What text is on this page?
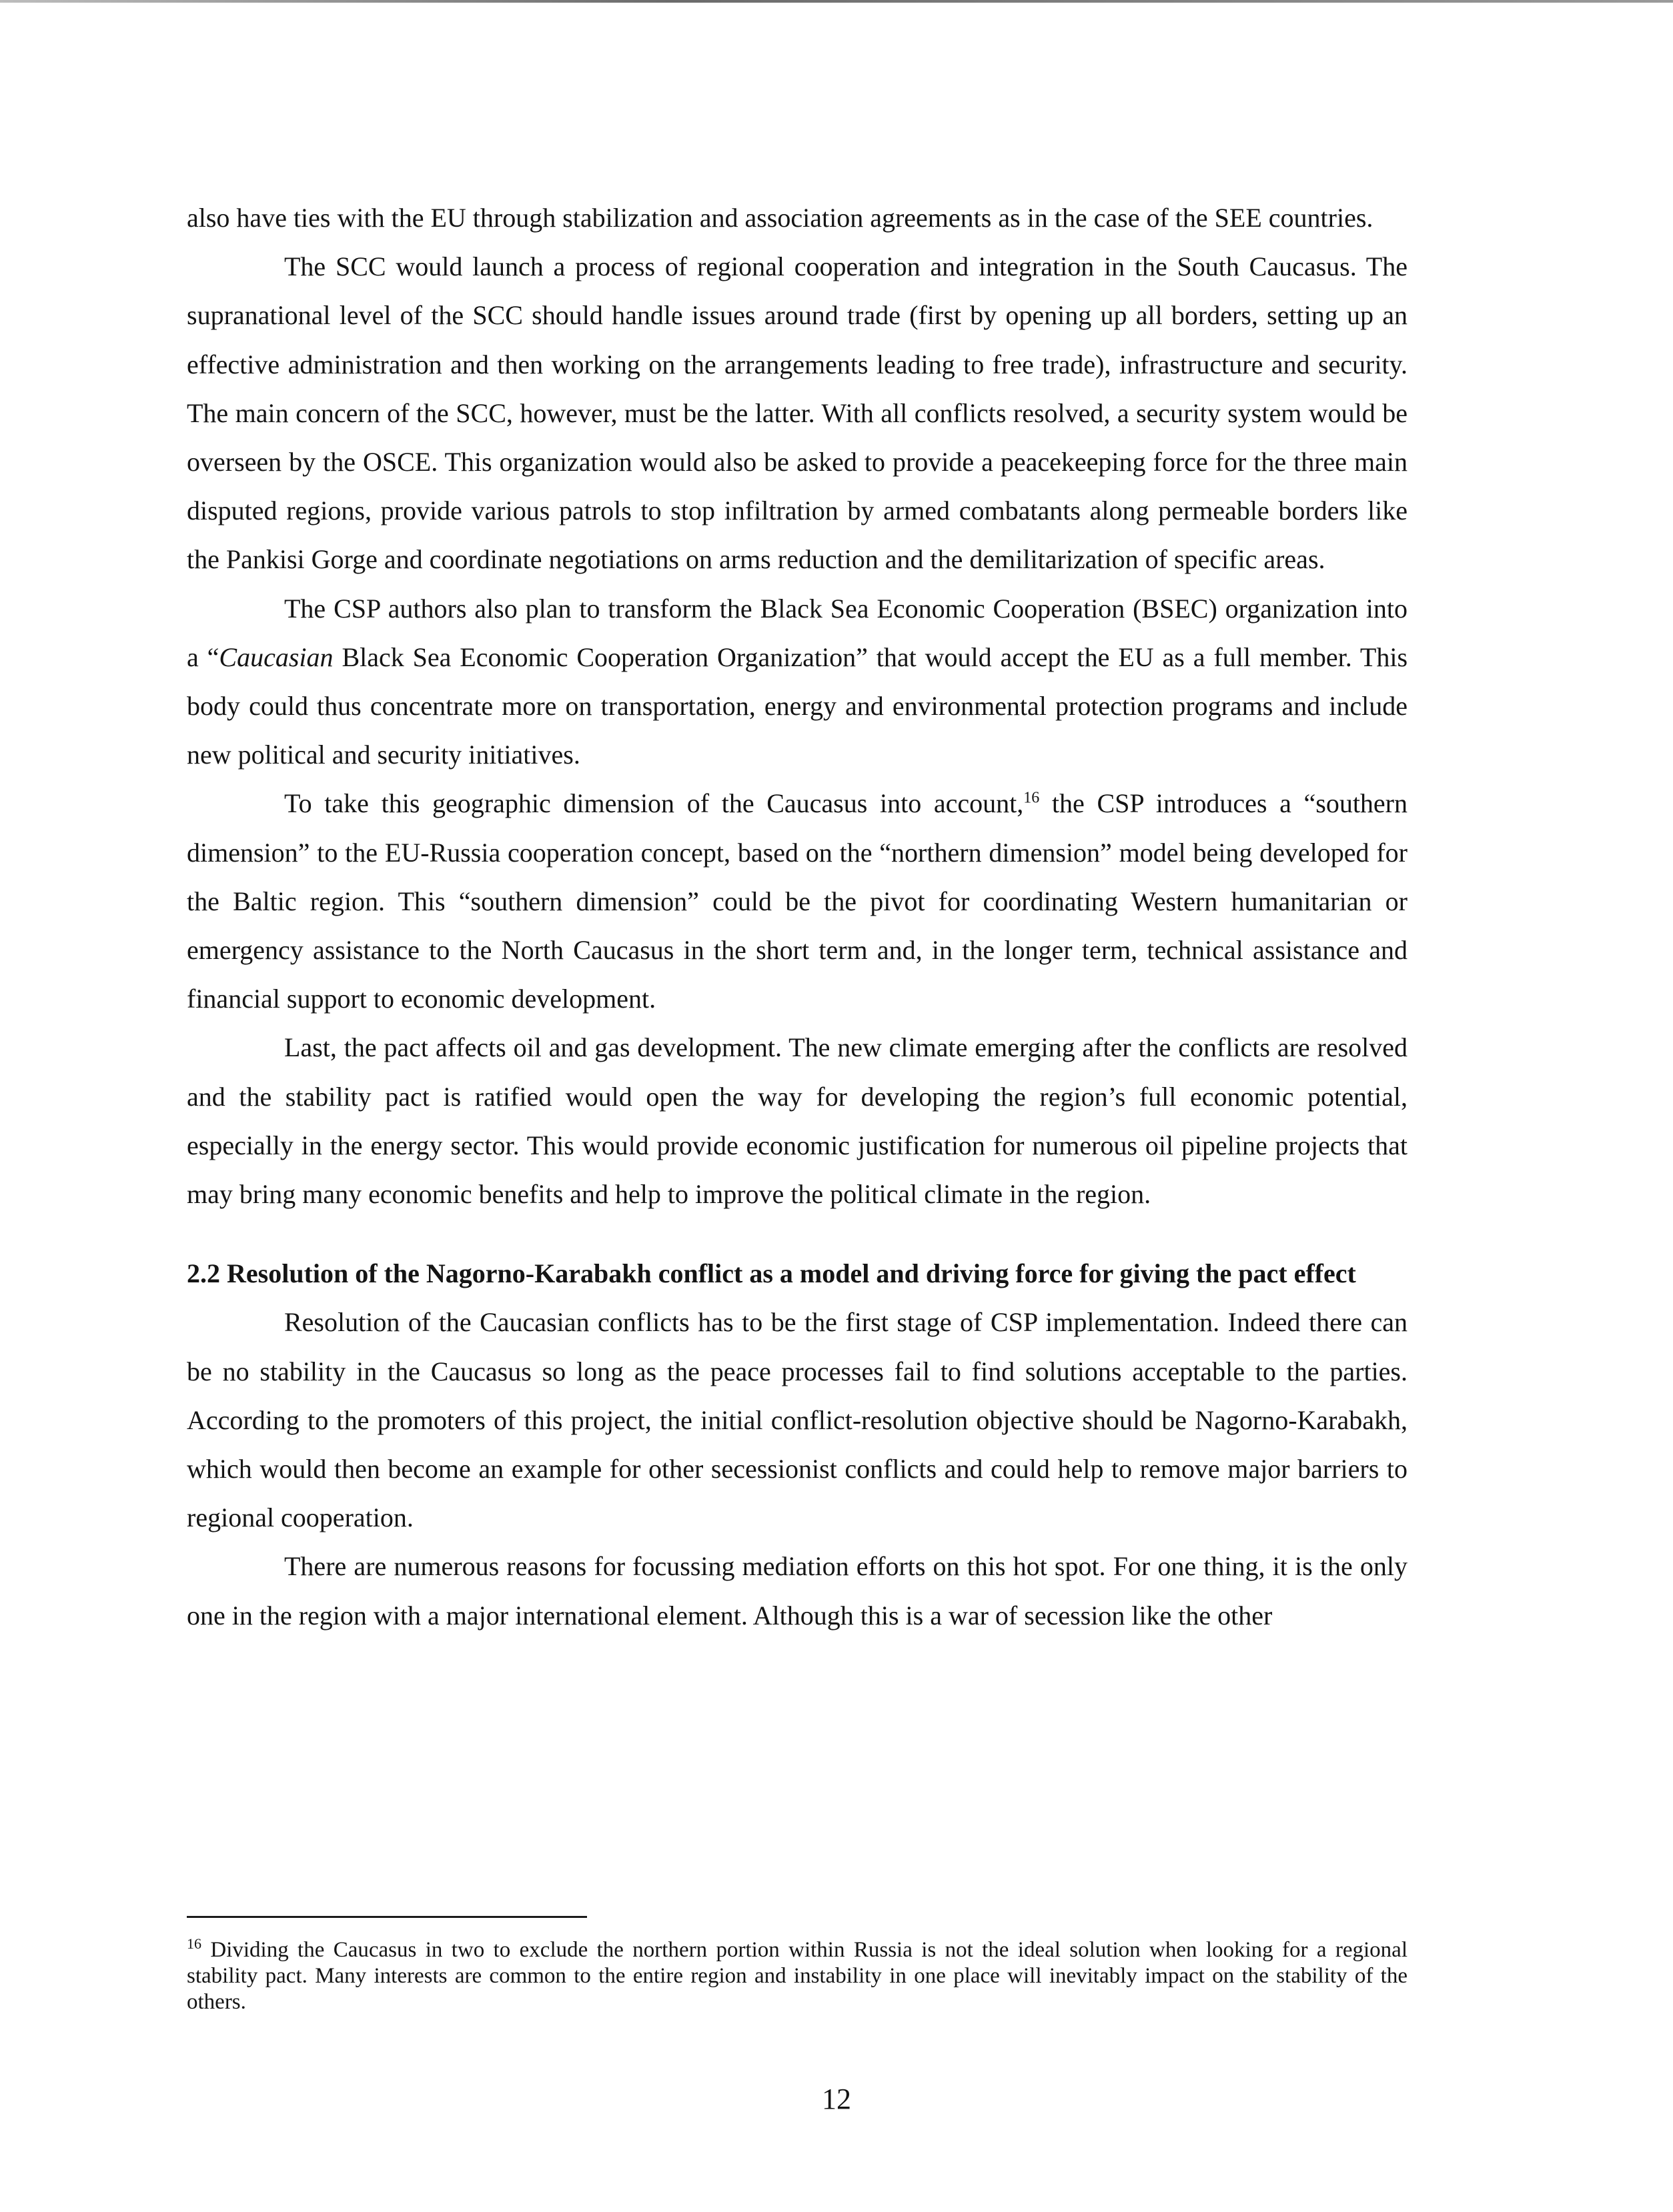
also have ties with the EU through stabilization and association agreements as in the case of the SEE countries.

The SCC would launch a process of regional cooperation and integration in the South Caucasus. The supranational level of the SCC should handle issues around trade (first by opening up all borders, setting up an effective administration and then working on the arrangements leading to free trade), infrastructure and security. The main concern of the SCC, however, must be the latter. With all conflicts resolved, a security system would be overseen by the OSCE. This organization would also be asked to provide a peacekeeping force for the three main disputed regions, provide various patrols to stop infiltration by armed combatants along permeable borders like the Pankisi Gorge and coordinate negotiations on arms reduction and the demilitarization of specific areas.

The CSP authors also plan to transform the Black Sea Economic Cooperation (BSEC) organization into a “Caucasian Black Sea Economic Cooperation Organization” that would accept the EU as a full member. This body could thus concentrate more on transportation, energy and environmental protection programs and include new political and security initiatives.

To take this geographic dimension of the Caucasus into account,$^{16}$ the CSP introduces a “southern dimension” to the EU-Russia cooperation concept, based on the “northern dimension” model being developed for the Baltic region. This “southern dimension” could be the pivot for coordinating Western humanitarian or emergency assistance to the North Caucasus in the short term and, in the longer term, technical assistance and financial support to economic development.

Last, the pact affects oil and gas development. The new climate emerging after the conflicts are resolved and the stability pact is ratified would open the way for developing the region’s full economic potential, especially in the energy sector. This would provide economic justification for numerous oil pipeline projects that may bring many economic benefits and help to improve the political climate in the region.

2.2 Resolution of the Nagorno-Karabakh conflict as a model and driving force for giving the pact effect

Resolution of the Caucasian conflicts has to be the first stage of CSP implementation. Indeed there can be no stability in the Caucasus so long as the peace processes fail to find solutions acceptable to the parties. According to the promoters of this project, the initial conflict-resolution objective should be Nagorno-Karabakh, which would then become an example for other secessionist conflicts and could help to remove major barriers to regional cooperation.

There are numerous reasons for focussing mediation efforts on this hot spot. For one thing, it is the only one in the region with a major international element. Although this is a war of secession like the other

$^{16}$ Dividing the Caucasus in two to exclude the northern portion within Russia is not the ideal solution when looking for a regional stability pact. Many interests are common to the entire region and instability in one place will inevitably impact on the stability of the others.

12
